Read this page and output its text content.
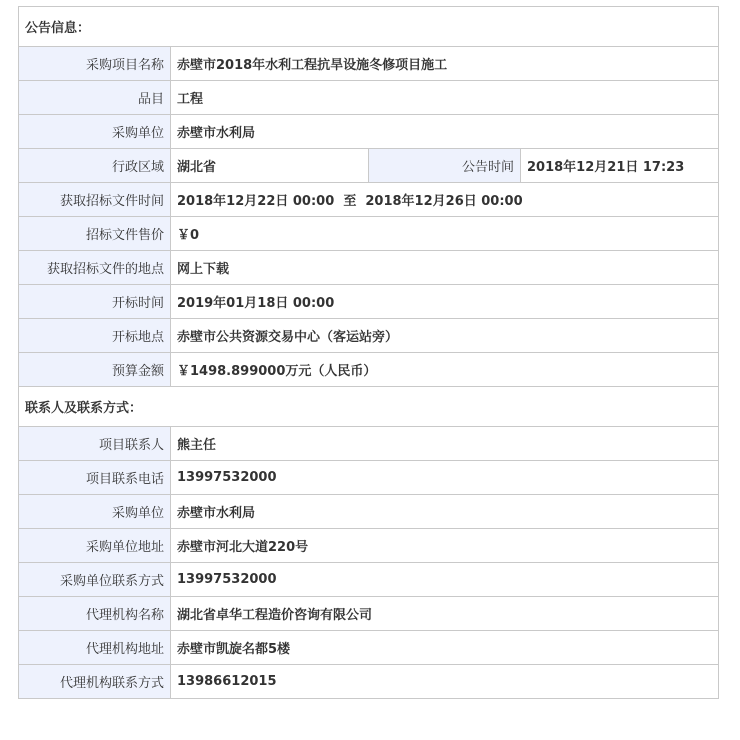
公告信息：			
采购项目名称	赤壁市2018年水利工程抗旱设施冬修项目施工		
品目	工程		
采购单位	赤壁市水利局		
行政区域	湖北省	公告时间	2018年12月21日 17:23
获取招标文件时间	2018年12月22日 00:00  至  2018年12月26日 00:00		
招标文件售价	￥0		
获取招标文件的地点	网上下载		
开标时间	2019年01月18日 00:00		
开标地点	赤壁市公共资源交易中心（客运站旁）		
预算金额	￥1498.899000万元（人民币）		
联系人及联系方式：			
项目联系人	熊主任		
项目联系电话	13997532000		
采购单位	赤壁市水利局		
采购单位地址	赤壁市河北大道220号		
采购单位联系方式	13997532000		
代理机构名称	湖北省卓华工程造价咨询有限公司		
代理机构地址	赤壁市凯旋名都5楼		
代理机构联系方式	13986612015		
